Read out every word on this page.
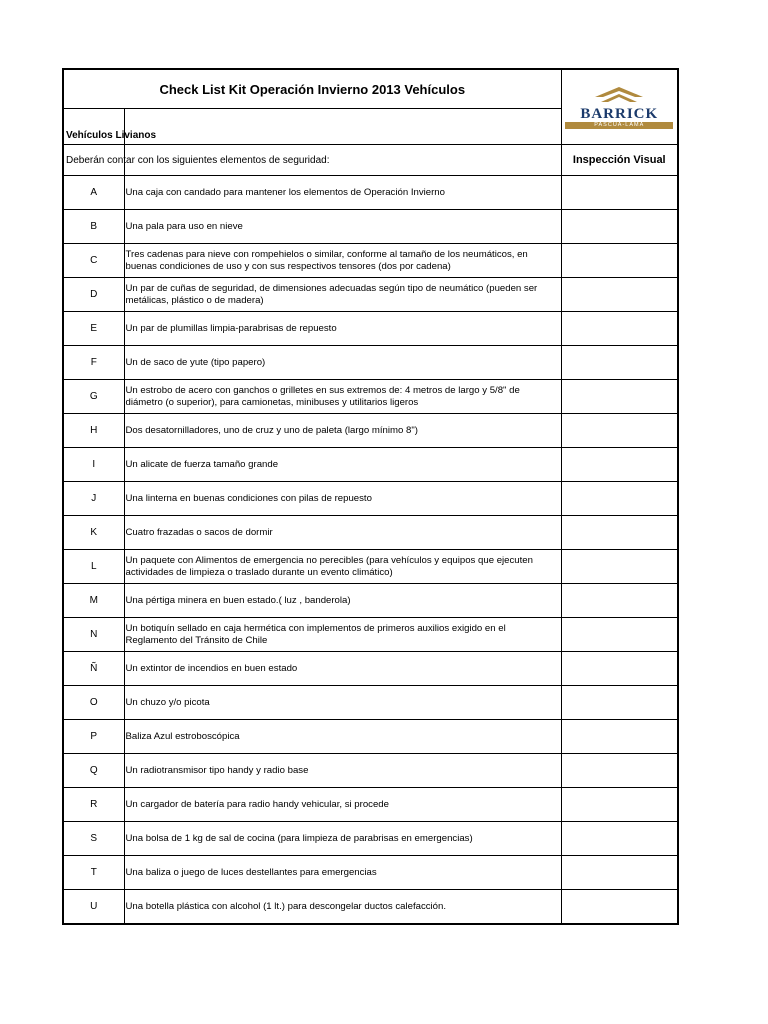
Check List Kit Operación Invierno 2013 Vehículos		BARRICK
PASCUA-LAMA

Vehículos Livianos		
Deberán contar con los siguientes elementos de seguridad:		Inspección Visual
A	Una caja con candado para mantener los elementos de Operación Invierno	
B	Una pala para uso en nieve	
C	Tres cadenas para nieve con rompehielos o similar, conforme al tamaño de los neumáticos, en buenas condiciones de uso y con sus respectivos tensores (dos por cadena)	
D	Un par de cuñas de seguridad, de dimensiones adecuadas según tipo de neumático (pueden ser metálicas, plástico o de madera)	
E	Un par de plumillas limpia-parabrisas de repuesto	
F	Un de saco de yute (tipo papero)	
G	Un estrobo de acero con ganchos o grilletes en sus extremos de: 4 metros de largo y 5/8" de diámetro (o superior), para camionetas, minibuses y utilitarios ligeros	
H	Dos desatornilladores, uno de cruz y uno de paleta (largo mínimo 8")	
I	Un alicate de fuerza tamaño grande	
J	Una linterna en buenas condiciones con pilas de repuesto	
K	Cuatro frazadas o sacos de dormir	
L	Un paquete con Alimentos de emergencia no perecibles (para vehículos y equipos que ejecuten actividades de limpieza o traslado durante un evento climático)	
M	Una pértiga minera en buen estado.( luz , banderola)	
N	Un botiquín sellado en caja hermética con implementos de primeros auxilios exigido en el Reglamento del Tránsito de Chile	
Ñ	Un extintor de incendios en buen estado	
O	Un chuzo y/o picota	
P	Baliza Azul estroboscópica	
Q	Un radiotransmisor tipo handy y radio base	
R	Un cargador de batería para radio handy vehicular, si procede	
S	Una bolsa de 1 kg de sal de cocina (para limpieza de parabrisas en emergencias)	
T	Una baliza o juego de luces destellantes para emergencias	
U	Una botella plástica con alcohol (1 lt.) para descongelar ductos calefacción.	
